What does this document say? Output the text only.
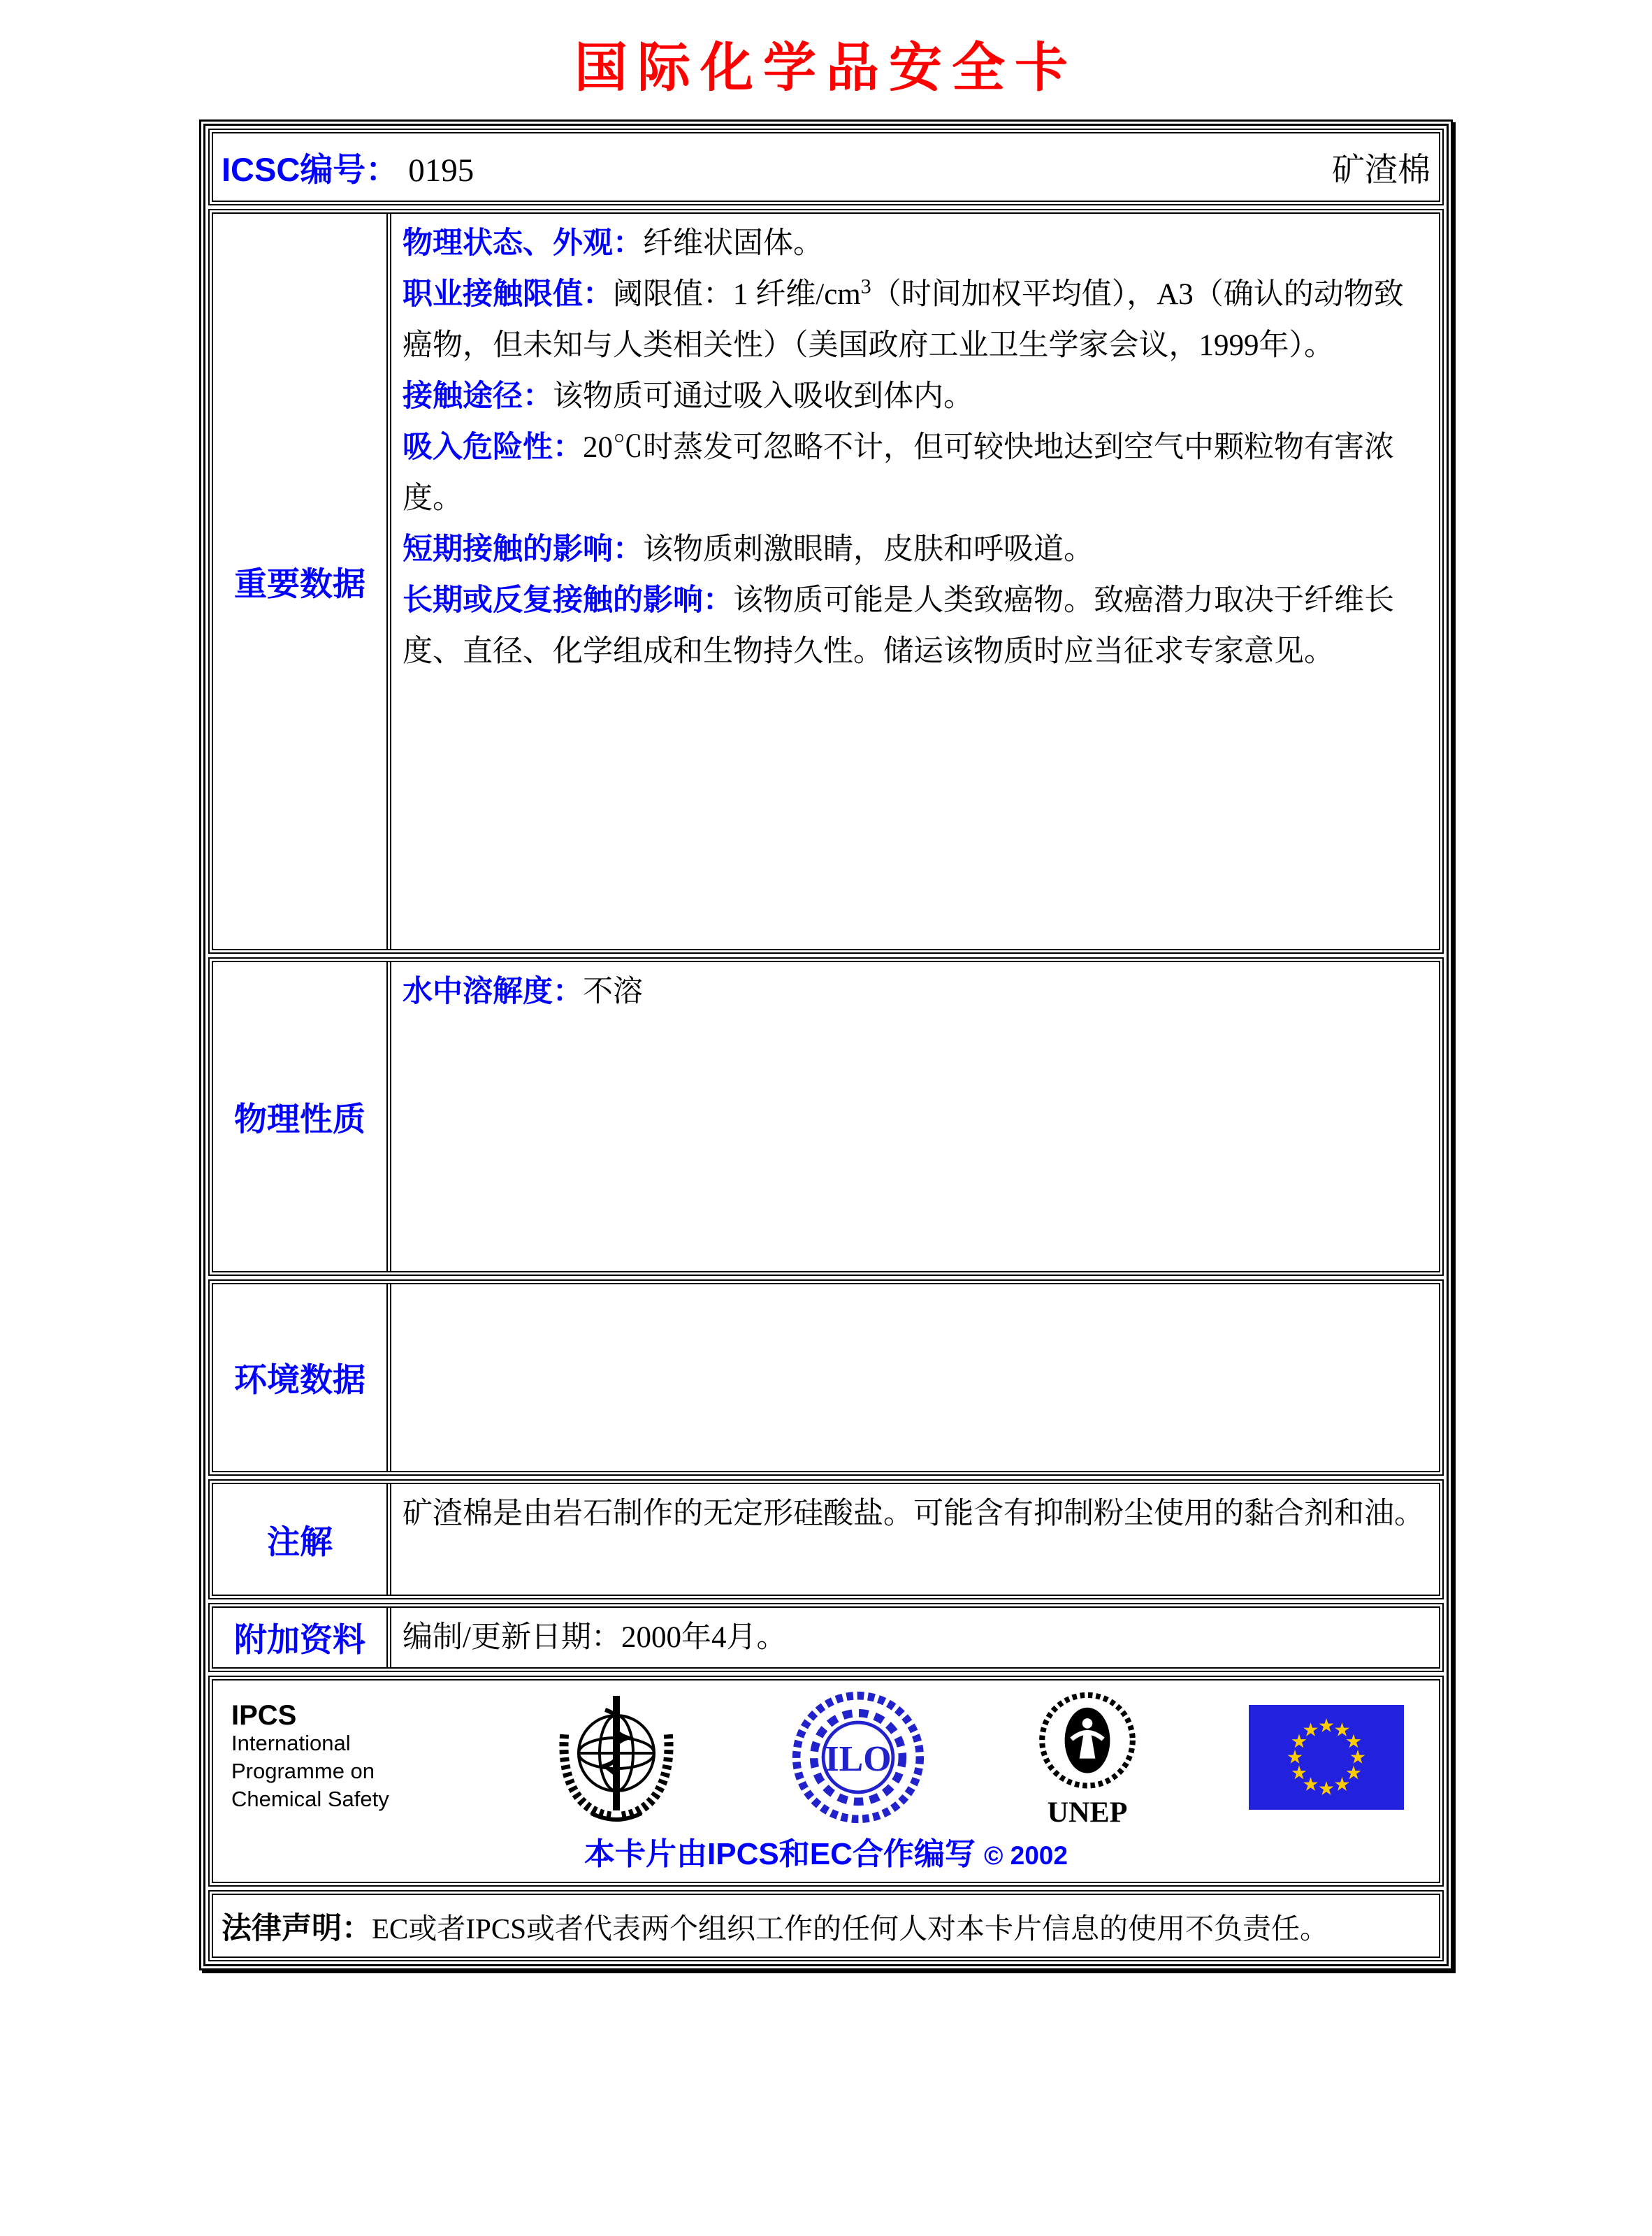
国际化学品安全卡
ICSC编号： 0195	矿渣棉
重要数据

物理状态、外观：纤维状固体。

职业接触限值：阈限值：1 纤维$/cm^3$（时间加权平均值），A3（确认的动物致癌物，但未知与人类相关性）（美国政府工业卫生学家会议，1999年）。

接触途径：该物质可通过吸入吸收到体内。

吸入危险性：20℃时蒸发可忽略不计，但可较快地达到空气中颗粒物有害浓度。

短期接触的影响：该物质刺激眼睛，皮肤和呼吸道。

长期或反复接触的影响：该物质可能是人类致癌物。致癌潜力取决于纤维长度、直径、化学组成和生物持久性。储运该物质时应当征求专家意见。

物理性质

水中溶解度：不溶

环境数据
注解

矿渣棉是由岩石制作的无定形硅酸盐。可能含有抑制粉尘使用的黏合剂和油。

附加资料	编制/更新日期：2000年4月。

IPCS
International
Programme on
Chemical Safety
ILO
UNEP
本卡片由IPCS和EC合作编写 © 2002

法律声明：EC或者IPCS或者代表两个组织工作的任何人对本卡片信息的使用不负责任。
